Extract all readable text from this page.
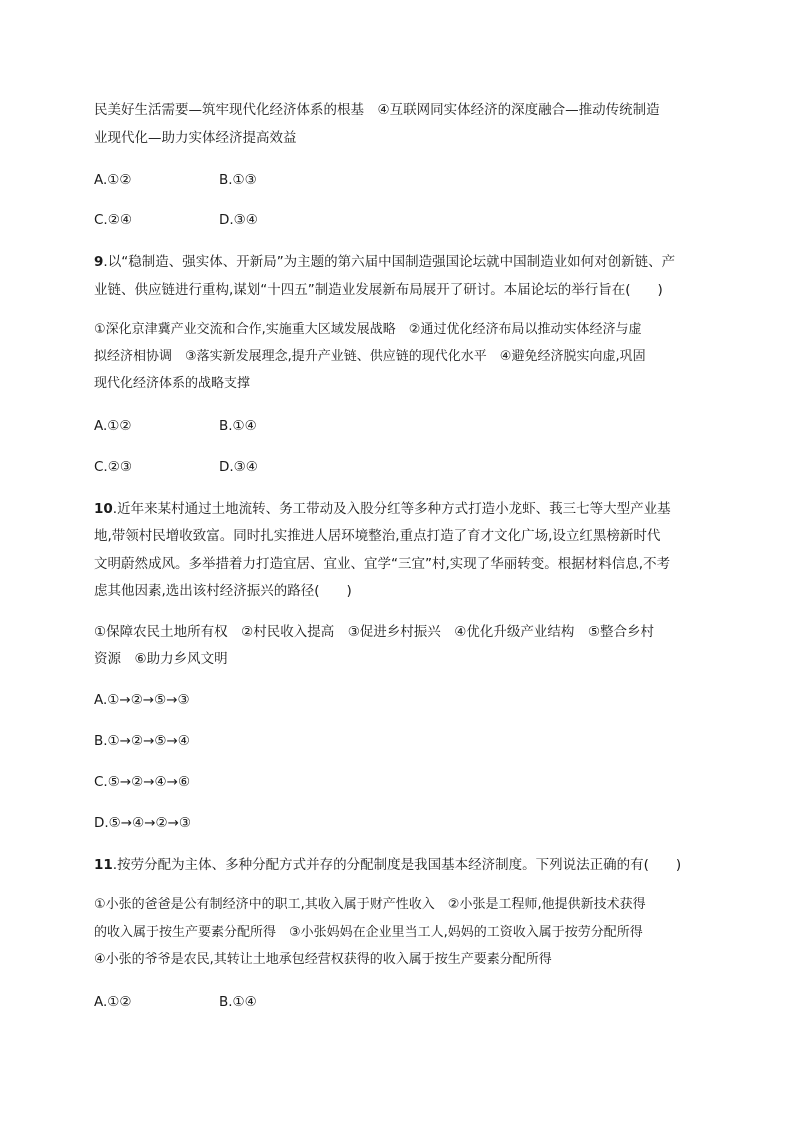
民美好生活需要—筑牢现代化经济体系的根基　④互联网同实体经济的深度融合—推动传统制造
业现代化—助力实体经济提高效益
A.①②	B.①③
C.②④	D.③④
9.以“稳制造、强实体、开新局”为主题的第六届中国制造强国论坛就中国制造业如何对创新链、产
业链、供应链进行重构,谋划“十四五”制造业发展新布局展开了研讨。本届论坛的举行旨在(　　)
①深化京津冀产业交流和合作,实施重大区域发展战略　②通过优化经济布局以推动实体经济与虚
拟经济相协调　③落实新发展理念,提升产业链、供应链的现代化水平　④避免经济脱实向虚,巩固
现代化经济体系的战略支撑
A.①②	B.①④
C.②③	D.③④
10.近年来某村通过土地流转、务工带动及入股分红等多种方式打造小龙虾、莪三七等大型产业基
地,带领村民增收致富。同时扎实推进人居环境整治,重点打造了育才文化广场,设立红黑榜新时代
文明蔚然成风。多举措着力打造宜居、宜业、宜学“三宜”村,实现了华丽转变。根据材料信息,不考
虑其他因素,选出该村经济振兴的路径(　　)
①保障农民土地所有权　②村民收入提高　③促进乡村振兴　④优化升级产业结构　⑤整合乡村
资源　⑥助力乡风文明
A.①→②→⑤→③
B.①→②→⑤→④
C.⑤→②→④→⑥
D.⑤→④→②→③
11.按劳分配为主体、多种分配方式并存的分配制度是我国基本经济制度。下列说法正确的有(　　)
①小张的爸爸是公有制经济中的职工,其收入属于财产性收入　②小张是工程师,他提供新技术获得
的收入属于按生产要素分配所得　③小张妈妈在企业里当工人,妈妈的工资收入属于按劳分配所得
④小张的爷爷是农民,其转让土地承包经营权获得的收入属于按生产要素分配所得
A.①②	B.①④
